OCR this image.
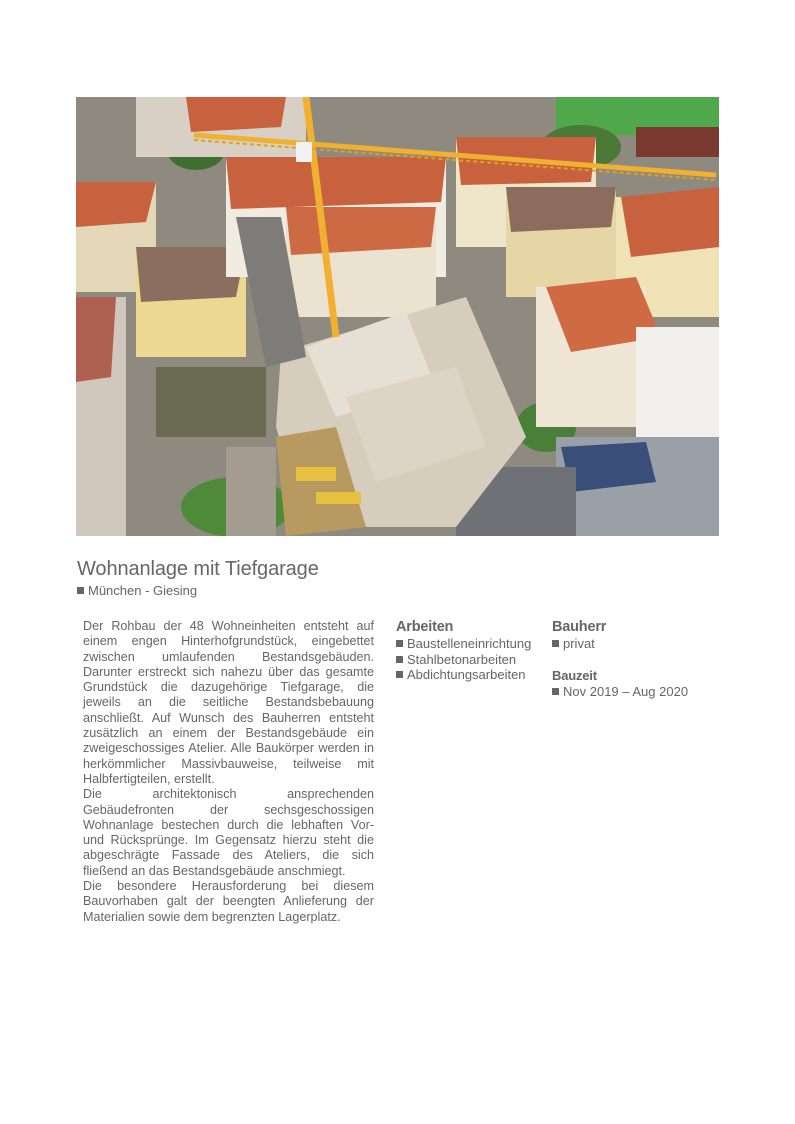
Wohnanlage mit Tiefgarage
München - Giesing

Der Rohbau der 48 Wohneinheiten entsteht auf einem engen Hinterhofgrundstück, eingebettet zwischen umlaufenden Bestandsgebäuden. Darunter erstreckt sich nahezu über das gesamte Grundstück die dazugehörige Tiefgarage, die jeweils an die seitliche Bestandsbebauung anschließt. Auf Wunsch des Bauherren entsteht zusätzlich an einem der Bestandsgebäude ein zweigeschossiges Atelier. Alle Baukörper werden in herkömmlicher Massivbauweise, teilweise mit Halbfertigteilen, erstellt.

Die architektonisch ansprechenden Gebäudefronten der sechsgeschossigen Wohnanlage bestechen durch die lebhaften Vor- und Rücksprünge. Im Gegensatz hierzu steht die abgeschrägte Fassade des Ateliers, die sich fließend an das Bestandsgebäude anschmiegt.

Die besondere Herausforderung bei diesem Bauvorhaben galt der beengten Anlieferung der Materialien sowie dem begrenzten Lagerplatz.

Arbeiten
Baustelleneinrichtung
Stahlbetonarbeiten
Abdichtungsarbeiten
Bauherr
privat
Bauzeit
Nov 2019 – Aug 2020
